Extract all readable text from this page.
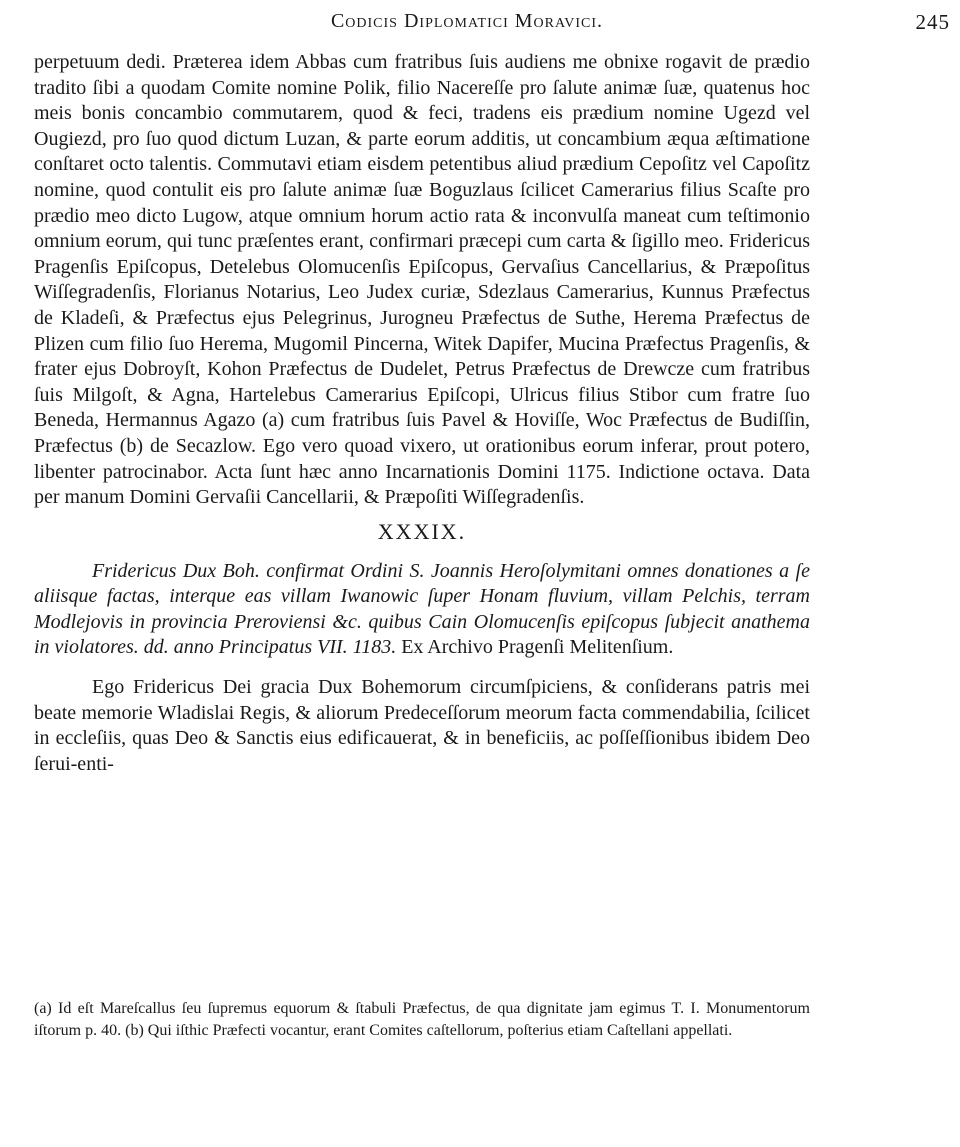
Codicis Diplomatici Moravici.	245

perpetuum dedi. Præterea idem Abbas cum fratribus ſuis audiens me obnixe rogavit de prædio tradito ſibi a quodam Comite nomine Polik, filio Nacereſſe pro ſalute animæ ſuæ, quatenus hoc meis bonis concambio commutarem, quod & feci, tradens eis prædium nomine Ugezd vel Ougiezd, pro ſuo quod dictum Luzan, & parte eorum additis, ut concambium æqua æſtimatione conſtaret octo talentis. Commutavi etiam eisdem petentibus aliud prædium Cepoſitz vel Capoſitz nomine, quod contulit eis pro ſalute animæ ſuæ Boguzlaus ſcilicet Camerarius filius Scaſte pro prædio meo dicto Lugow, atque omnium horum actio rata & inconvulſa maneat cum teſtimonio omnium eorum, qui tunc præſentes erant, confirmari præcepi cum carta & ſigillo meo. Fridericus Pragenſis Epiſcopus, Detelebus Olomucenſis Epiſcopus, Gervaſius Cancellarius, & Præpoſitus Wiſſegradenſis, Florianus Notarius, Leo Judex curiæ, Sdezlaus Camerarius, Kunnus Præfectus de Kladeſi, & Præfectus ejus Pelegrinus, Jurogneu Præfectus de Suthe, Herema Præfectus de Plizen cum filio ſuo Herema, Mugomil Pincerna, Witek Dapifer, Mucina Præfectus Pragenſis, & frater ejus Dobroyſt, Kohon Præfectus de Dudelet, Petrus Præfectus de Drewcze cum fratribus ſuis Milgoſt, & Agna, Hartelebus Camerarius Epiſcopi, Ulricus filius Stibor cum fratre ſuo Beneda, Hermannus Agazo (a) cum fratribus ſuis Pavel & Hoviſſe, Woc Præfectus de Budiſſin, Præfectus (b) de Secazlow. Ego vero quoad vixero, ut orationibus eorum inferar, prout potero, libenter patrocinabor. Acta ſunt hæc anno Incarnationis Domini 1175. Indictione octava. Data per manum Domini Gervaſii Cancellarii, & Præpoſiti Wiſſegradenſis.

XXXIX.
Fridericus Dux Boh. confirmat Ordini S. Joannis Heroſolymitani omnes donationes a ſe aliisque factas, interque eas villam Iwanowic ſuper Honam fluvium, villam Pelchis, terram Modlejovis in provincia Preroviensi &c. quibus Cain Olomucenſis epiſcopus ſubjecit anathema in violatores. dd. anno Principatus VII. 1183. Ex Archivo Pragenſi Melitenſium.

Ego Fridericus Dei gracia Dux Bohemorum circumſpiciens, & conſiderans patris mei beate memorie Wladislai Regis, & aliorum Predeceſſorum meorum facta commendabilia, ſcilicet in eccleſiis, quas Deo & Sanctis eius edificauerat, & in beneficiis, ac poſſeſſionibus ibidem Deo ſerui-enti-

(a) Id eſt Mareſcallus ſeu ſupremus equorum & ſtabuli Præfectus, de qua dignitate jam egimus T. I. Monumentorum iſtorum p. 40. (b) Qui iſthic Præfecti vocantur, erant Comites caſtellorum, poſterius etiam Caſtellani appellati.
